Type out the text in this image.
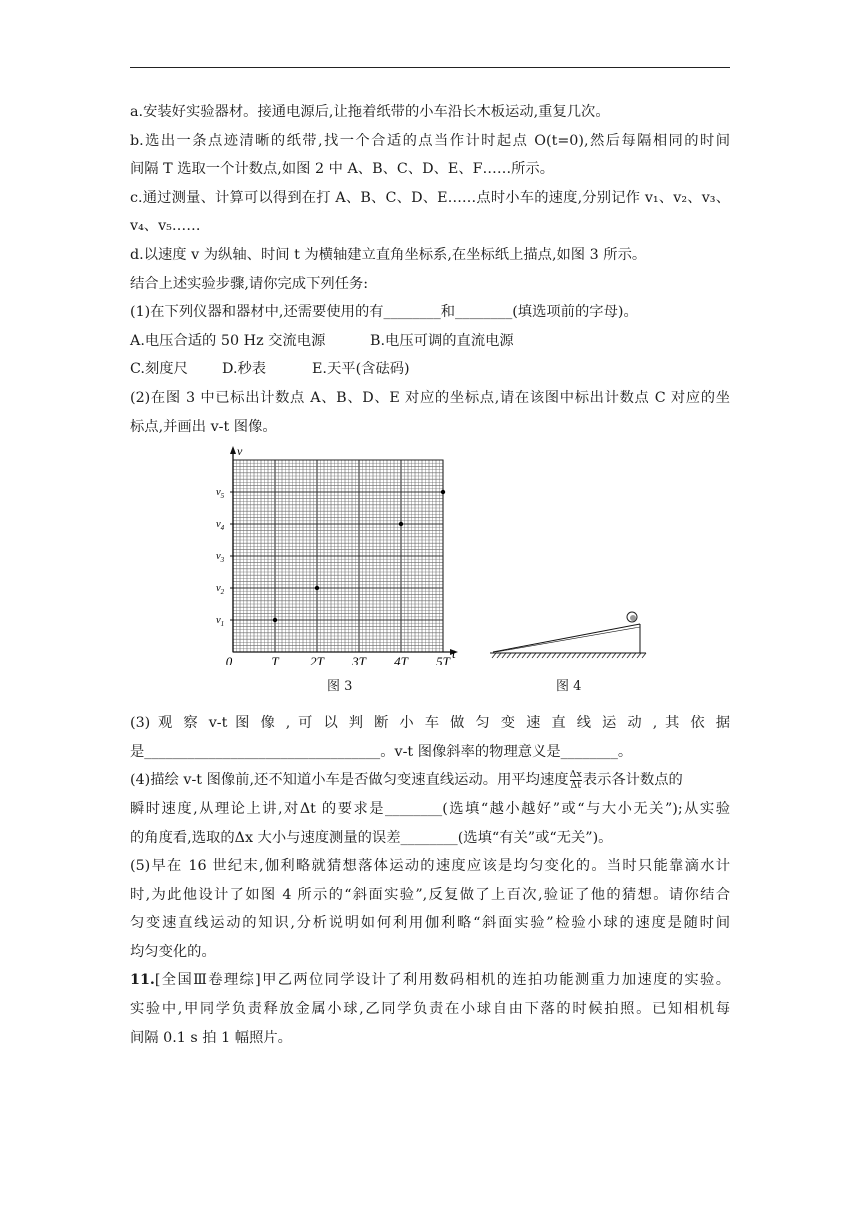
a.安装好实验器材。接通电源后,让拖着纸带的小车沿长木板运动,重复几次。

b.选出一条点迹清晰的纸带,找一个合适的点当作计时起点 O(t=0),然后每隔相同的时间

间隔 T 选取一个计数点,如图 2 中 A、B、C、D、E、F……所示。

c.通过测量、计算可以得到在打 A、B、C、D、E……点时小车的速度,分别记作 v₁、v₂、v₃、

v₄、v₅……

d.以速度 v 为纵轴、时间 t 为横轴建立直角坐标系,在坐标纸上描点,如图 3 所示。

结合上述实验步骤,请你完成下列任务:

(1)在下列仪器和器材中,还需要使用的有________和________(填选项前的字母)。

A.电压合适的 50 Hz 交流电源	B.电压可调的直流电源

C.刻度尺 D.秒表	E.天平(含砝码)

(2)在图 3 中已标出计数点 A、B、D、E 对应的坐标点,请在该图中标出计数点 C 对应的坐

标点,并画出 v-t 图像。

v
t
$v_1$
$v_2$
$v_3$
$v_4$
$v_5$
0	T 2T 3T 4T 5T
图 3	图 4

(3) 观 察 v-t 图 像 , 可 以 判 断 小 车 做 匀 变 速 直 线 运 动 , 其 依 据

是_________________________________。v-t 图像斜率的物理意义是________。

(4)描绘 v-t 图像前,还不知道小车是否做匀变速直线运动。用平均速度 $\frac{\Delta x}{\Delta t}$ 表示各计数点的

瞬时速度,从理论上讲,对Δt 的要求是________(选填“越小越好”或“与大小无关”);从实验

的角度看,选取的Δx 大小与速度测量的误差________(选填“有关”或“无关”)。

(5)早在 16 世纪末,伽利略就猜想落体运动的速度应该是均匀变化的。当时只能靠滴水计

时,为此他设计了如图 4 所示的“斜面实验”,反复做了上百次,验证了他的猜想。请你结合

匀变速直线运动的知识,分析说明如何利用伽利略“斜面实验”检验小球的速度是随时间

均匀变化的。

11.[全国Ⅲ卷理综]甲乙两位同学设计了利用数码相机的连拍功能测重力加速度的实验。

实验中,甲同学负责释放金属小球,乙同学负责在小球自由下落的时候拍照。已知相机每

间隔 0.1 s 拍 1 幅照片。
